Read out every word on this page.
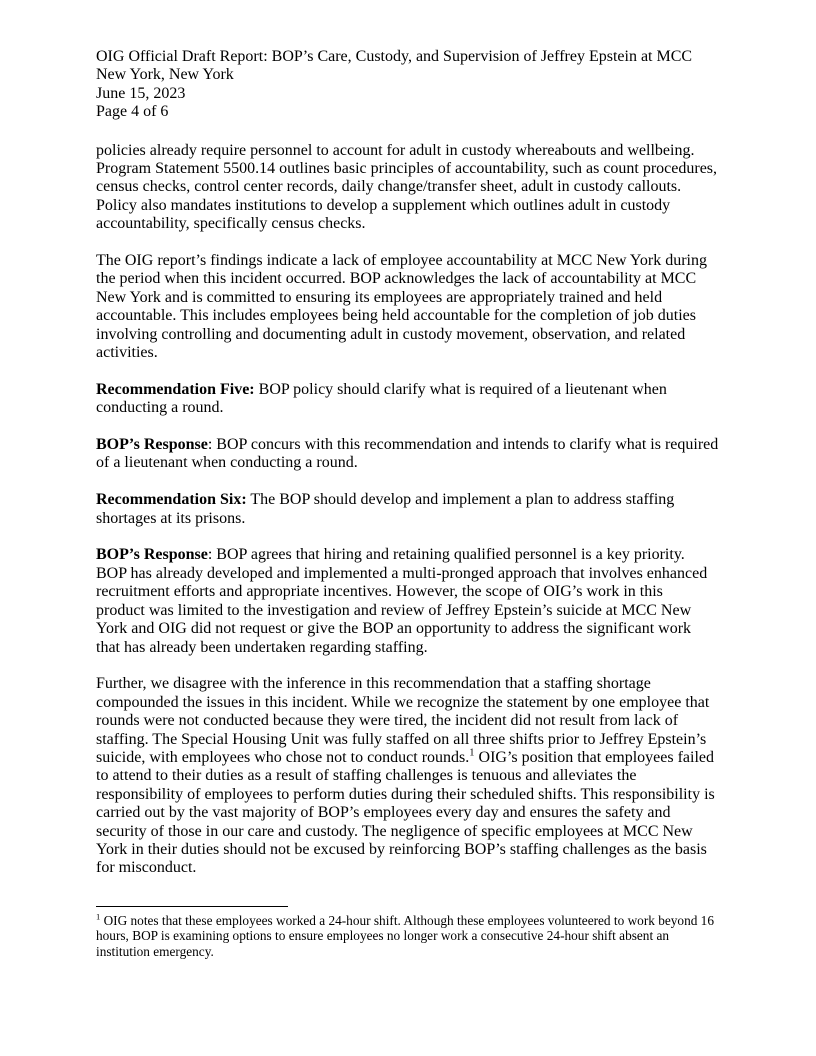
OIG Official Draft Report: BOP’s Care, Custody, and Supervision of Jeffrey Epstein at MCC
New York, New York
June 15, 2023
Page 4 of 6

policies already require personnel to account for adult in custody whereabouts and wellbeing.
Program Statement 5500.14 outlines basic principles of accountability, such as count procedures,
census checks, control center records, daily change/transfer sheet, adult in custody callouts.
Policy also mandates institutions to develop a supplement which outlines adult in custody
accountability, specifically census checks.

The OIG report’s findings indicate a lack of employee accountability at MCC New York during
the period when this incident occurred. BOP acknowledges the lack of accountability at MCC
New York and is committed to ensuring its employees are appropriately trained and held
accountable. This includes employees being held accountable for the completion of job duties
involving controlling and documenting adult in custody movement, observation, and related
activities.

Recommendation Five: BOP policy should clarify what is required of a lieutenant when
conducting a round.

BOP’s Response: BOP concurs with this recommendation and intends to clarify what is required
of a lieutenant when conducting a round.

Recommendation Six: The BOP should develop and implement a plan to address staffing
shortages at its prisons.

BOP’s Response: BOP agrees that hiring and retaining qualified personnel is a key priority.
BOP has already developed and implemented a multi-pronged approach that involves enhanced
recruitment efforts and appropriate incentives. However, the scope of OIG’s work in this
product was limited to the investigation and review of Jeffrey Epstein’s suicide at MCC New
York and OIG did not request or give the BOP an opportunity to address the significant work
that has already been undertaken regarding staffing.

Further, we disagree with the inference in this recommendation that a staffing shortage
compounded the issues in this incident. While we recognize the statement by one employee that
rounds were not conducted because they were tired, the incident did not result from lack of
staffing. The Special Housing Unit was fully staffed on all three shifts prior to Jeffrey Epstein’s
suicide, with employees who chose not to conduct rounds.$^1$ OIG’s position that employees failed
to attend to their duties as a result of staffing challenges is tenuous and alleviates the
responsibility of employees to perform duties during their scheduled shifts. This responsibility is
carried out by the vast majority of BOP’s employees every day and ensures the safety and
security of those in our care and custody. The negligence of specific employees at MCC New
York in their duties should not be excused by reinforcing BOP’s staffing challenges as the basis
for misconduct.

$^1$ OIG notes that these employees worked a 24-hour shift. Although these employees volunteered to work beyond 16
hours, BOP is examining options to ensure employees no longer work a consecutive 24-hour shift absent an
institution emergency.
